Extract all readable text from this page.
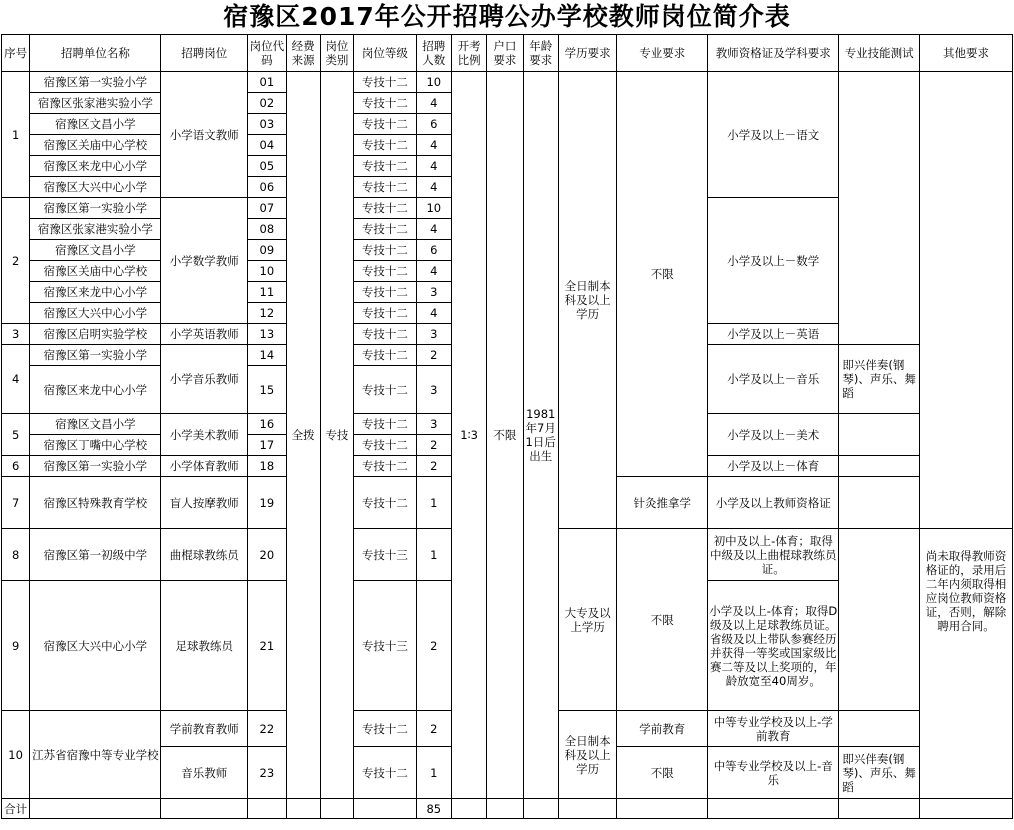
宿豫区2017年公开招聘公办学校教师岗位简介表
序号	招聘单位名称	招聘岗位	岗位代码	经费来源	岗位类别	岗位等级	招聘人数	开考比例	户口要求	年龄要求	学历要求	专业要求	教师资格证及学科要求	专业技能测试	其他要求
1	宿豫区第一实验小学	小学语文教师	01	全拨	专技	专技十二	10	1∶3	不限	1981年7月1日后出生	全日制本科及以上学历	不限	小学及以上－语文		
	宿豫区张家港实验小学		02			专技十二	4								
	宿豫区文昌小学		03			专技十二	6								
	宿豫区关庙中心学校		04			专技十二	4								
	宿豫区来龙中心小学		05			专技十二	4								
	宿豫区大兴中心小学		06			专技十二	4								
2	宿豫区第一实验小学	小学数学教师	07			专技十二	10						小学及以上－数学		
	宿豫区张家港实验小学		08			专技十二	4								
	宿豫区文昌小学		09			专技十二	6								
	宿豫区关庙中心学校		10			专技十二	4								
	宿豫区来龙中心小学		11			专技十二	3								
	宿豫区大兴中心小学		12			专技十二	4								
3	宿豫区启明实验学校	小学英语教师	13			专技十二	3						小学及以上－英语		
4	宿豫区第一实验小学	小学音乐教师	14			专技十二	2						小学及以上－音乐	即兴伴奏(钢琴)、声乐、舞蹈	
	宿豫区来龙中心小学		15			专技十二	3								
5	宿豫区文昌小学	小学美术教师	16			专技十二	3						小学及以上－美术		
	宿豫区丁嘴中心学校		17			专技十二	2								
6	宿豫区第一实验小学	小学体育教师	18			专技十二	2						小学及以上－体育		
7	宿豫区特殊教育学校	盲人按摩教师	19			专技十二	1					针灸推拿学	小学及以上教师资格证		
8	宿豫区第一初级中学	曲棍球教练员	20			专技十三	1				大专及以上学历	不限	初中及以上-体育；取得中级及以上曲棍球教练员证。		尚未取得教师资格证的，录用后二年内须取得相应岗位教师资格证，否则，解除聘用合同。
9	宿豫区大兴中心小学	足球教练员	21			专技十三	2						小学及以上-体育；取得D级及以上足球教练员证。省级及以上带队参赛经历并获得一等奖或国家级比赛二等及以上奖项的，年龄放宽至40周岁。		
10	江苏省宿豫中等专业学校	学前教育教师	22			专技十二	2				全日制本科及以上学历	学前教育	中等专业学校及以上-学前教育		
		音乐教师	23			专技十二	1					不限	中等专业学校及以上-音乐	即兴伴奏(钢琴)、声乐、舞蹈	
合计							85								
